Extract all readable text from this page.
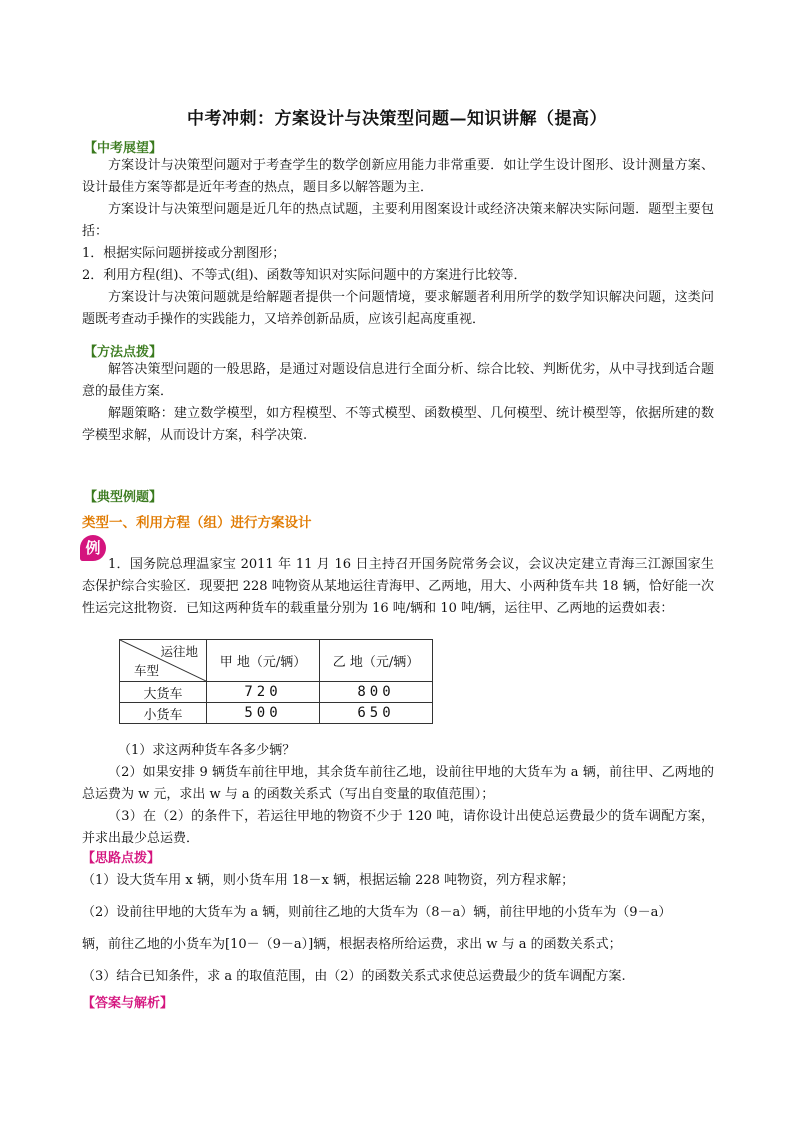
中考冲刺：方案设计与决策型问题—知识讲解（提高）
【中考展望】

方案设计与决策型问题对于考查学生的数学创新应用能力非常重要．如让学生设计图形、设计测量方案、设计最佳方案等都是近年考查的热点，题目多以解答题为主．

方案设计与决策型问题是近几年的热点试题，主要利用图案设计或经济决策来解决实际问题．题型主要包括：

1．根据实际问题拼接或分割图形；
2．利用方程(组)、不等式(组)、函数等知识对实际问题中的方案进行比较等．

方案设计与决策问题就是给解题者提供一个问题情境，要求解题者利用所学的数学知识解决问题，这类问题既考查动手操作的实践能力，又培养创新品质，应该引起高度重视．

【方法点拨】

解答决策型问题的一般思路，是通过对题设信息进行全面分析、综合比较、判断优劣，从中寻找到适合题意的最佳方案．

解题策略：建立数学模型，如方程模型、不等式模型、函数模型、几何模型、统计模型等，依据所建的数学模型求解，从而设计方案，科学决策.

【典型例题】
类型一、利用方程（组）进行方案设计
例

1．国务院总理温家宝 2011 年 11 月 16 日主持召开国务院常务会议，会议决定建立青海三江源国家生态保护综合实验区．现要把 228 吨物资从某地运往青海甲、乙两地，用大、小两种货车共 18 辆，恰好能一次性运完这批物资．已知这两种货车的载重量分别为 16 吨/辆和 10 吨/辆，运往甲、乙两地的运费如表：

运往地
车型	甲 地（元/辆）	乙 地（元/辆）
大货车	720	800
小货车	500	650
（1）求这两种货车各多少辆？

（2）如果安排 9 辆货车前往甲地，其余货车前往乙地，设前往甲地的大货车为 a 辆，前往甲、乙两地的总运费为 w 元，求出 w 与 a 的函数关系式（写出自变量的取值范围）；

（3）在（2）的条件下，若运往甲地的物资不少于 120 吨，请你设计出使总运费最少的货车调配方案，并求出最少总运费．

【思路点拨】
（1）设大货车用 x 辆，则小货车用 18－x 辆，根据运输 228 吨物资，列方程求解；
（2）设前往甲地的大货车为 a 辆，则前往乙地的大货车为（8－a）辆，前往甲地的小货车为（9－a）
辆，前往乙地的小货车为[10－（9－a）]辆，根据表格所给运费，求出 w 与 a 的函数关系式；
（3）结合已知条件，求 a 的取值范围，由（2）的函数关系式求使总运费最少的货车调配方案.
【答案与解析】
